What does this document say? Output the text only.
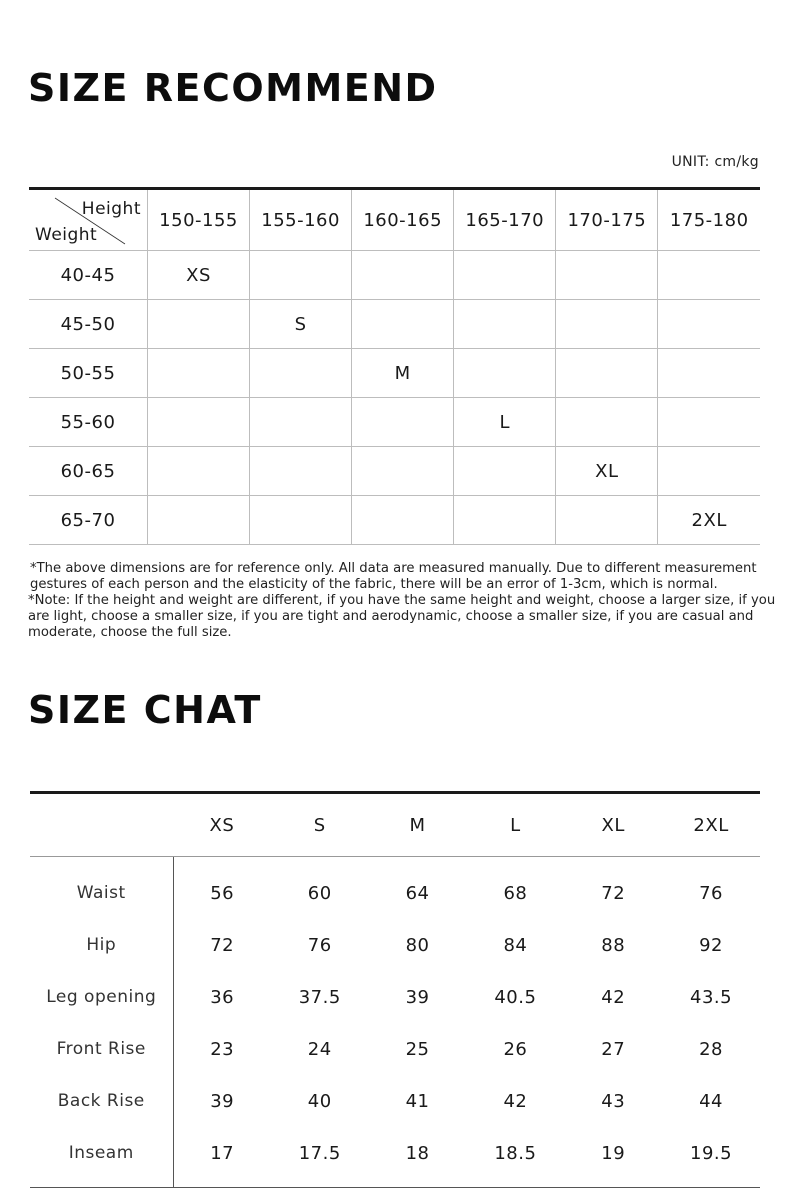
SIZE RECOMMEND
UNIT: cm/kg
Height
Weight	150-155	155-160	160-165	165-170	170-175	175-180
40-45	XS					
45-50		S				
50-55			M			
55-60				L		
60-65					XL	
65-70						2XL

*The above dimensions are for reference only. All data are measured manually. Due to different measurement gestures of each person and the elasticity of the fabric, there will be an error of 1-3cm, which is normal.

*Note: If the height and weight are different, if you have the same height and weight, choose a larger size, if you are light, choose a smaller size, if you are tight and aerodynamic, choose a smaller size, if you are casual and moderate, choose the full size.

SIZE CHAT
	XS	S	M	L	XL	2XL
Waist	56	60	64	68	72	76
Hip	72	76	80	84	88	92
Leg opening	36	37.5	39	40.5	42	43.5
Front Rise	23	24	25	26	27	28
Back Rise	39	40	41	42	43	44
Inseam	17	17.5	18	18.5	19	19.5
